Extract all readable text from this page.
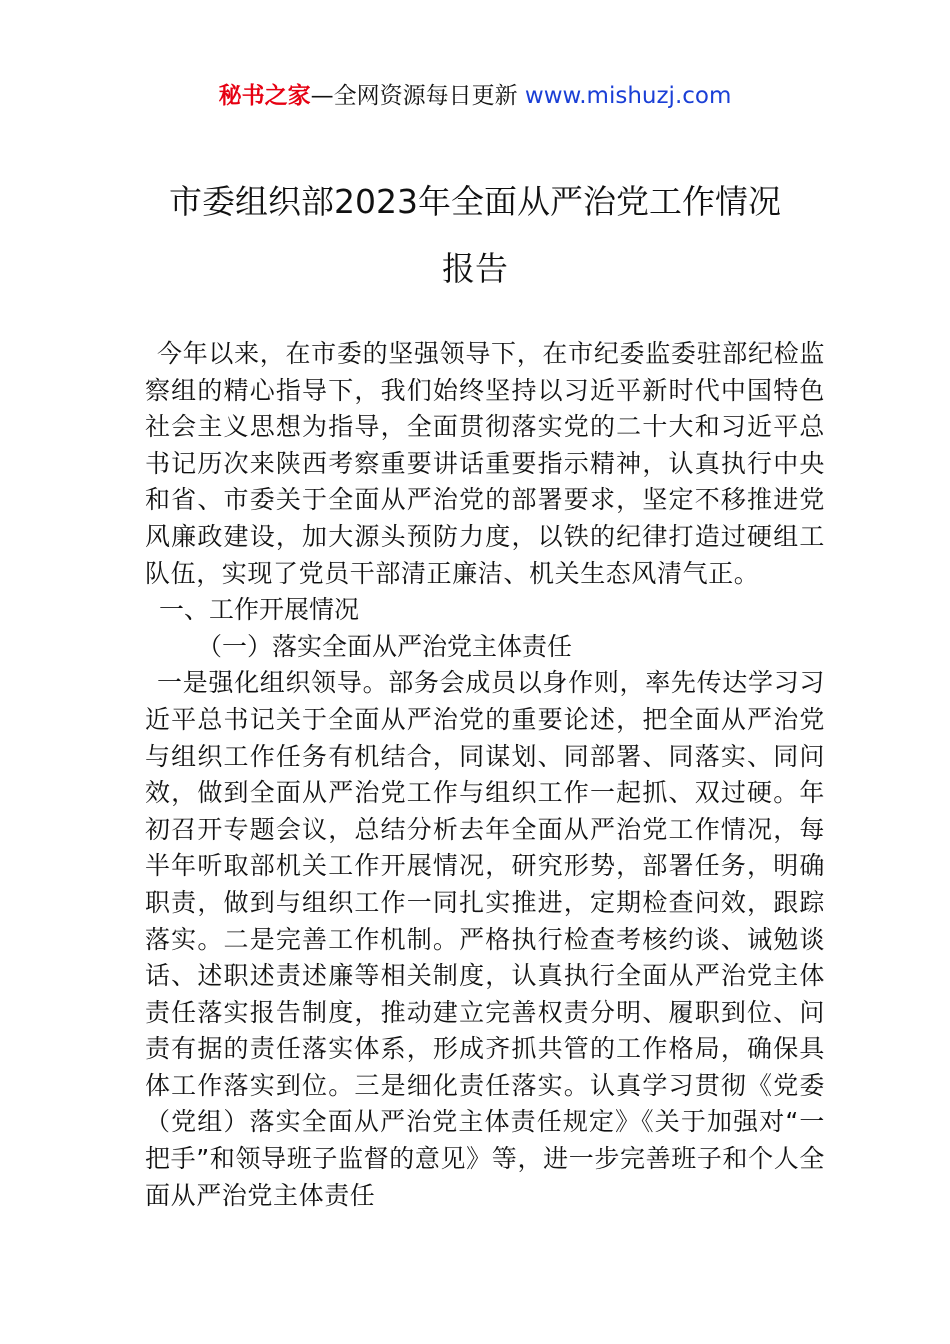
秘书之家—全网资源每日更新 www.mishuzj.com
市委组织部2023年全面从严治党工作情况
报告

今年以来，在市委的坚强领导下，在市纪委监委驻部纪检监察组的精心指导下，我们始终坚持以习近平新时代中国特色社会主义思想为指导，全面贯彻落实党的二十大和习近平总书记历次来陕西考察重要讲话重要指示精神，认真执行中央和省、市委关于全面从严治党的部署要求，坚定不移推进党风廉政建设，加大源头预防力度，以铁的纪律打造过硬组工队伍，实现了党员干部清正廉洁、机关生态风清气正。

一、工作开展情况

（一）落实全面从严治党主体责任

一是强化组织领导。部务会成员以身作则，率先传达学习习近平总书记关于全面从严治党的重要论述，把全面从严治党与组织工作任务有机结合，同谋划、同部署、同落实、同问效，做到全面从严治党工作与组织工作一起抓、双过硬。年初召开专题会议，总结分析去年全面从严治党工作情况，每半年听取部机关工作开展情况，研究形势，部署任务，明确职责，做到与组织工作一同扎实推进，定期检查问效，跟踪落实。二是完善工作机制。严格执行检查考核约谈、诫勉谈话、述职述责述廉等相关制度，认真执行全面从严治党主体责任落实报告制度，推动建立完善权责分明、履职到位、问责有据的责任落实体系，形成齐抓共管的工作格局，确保具体工作落实到位。三是细化责任落实。认真学习贯彻《党委（党组）落实全面从严治党主体责任规定》《关于加强对“一把手”和领导班子监督的意见》等，进一步完善班子和个人全面从严治党主体责任
